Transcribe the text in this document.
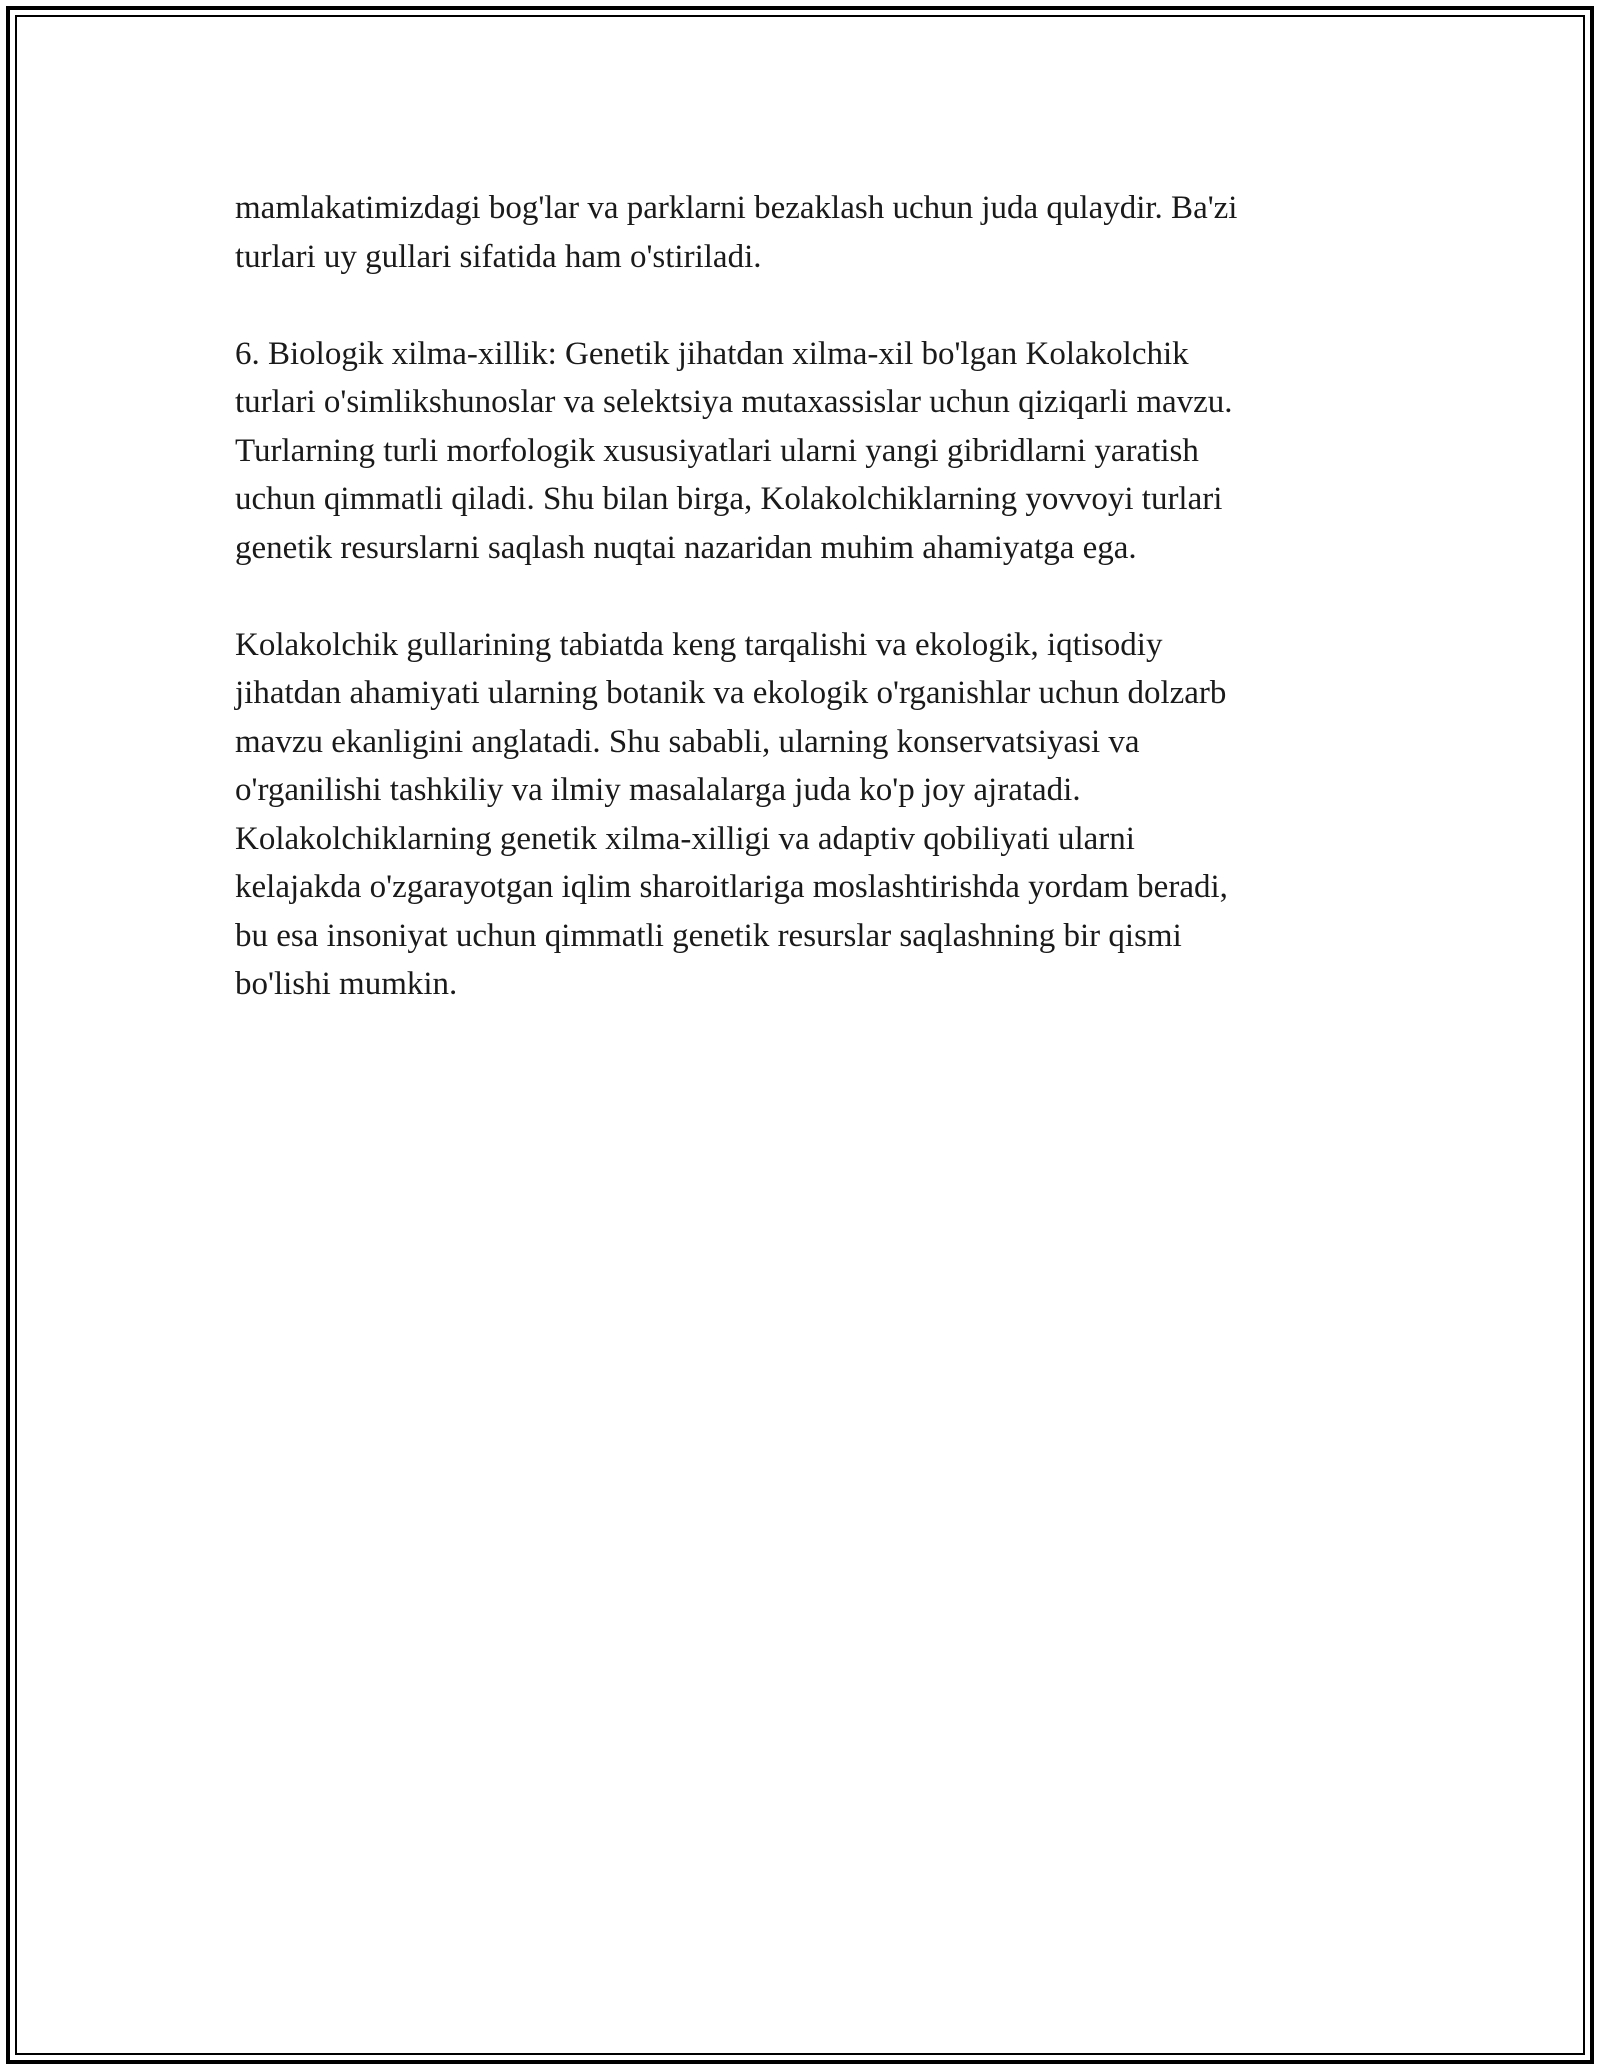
mamlakatimizdagi bog'lar va parklarni bezaklash uchun juda qulaydir. Ba'zi
turlari uy gullari sifatida ham o'stiriladi.

6. Biologik xilma-xillik: Genetik jihatdan xilma-xil bo'lgan Kolakolchik
turlari o'simlikshunoslar va selektsiya mutaxassislar uchun qiziqarli mavzu.
Turlarning turli morfologik xususiyatlari ularni yangi gibridlarni yaratish
uchun qimmatli qiladi. Shu bilan birga, Kolakolchiklarning yovvoyi turlari
genetik resurslarni saqlash nuqtai nazaridan muhim ahamiyatga ega.

Kolakolchik gullarining tabiatda keng tarqalishi va ekologik, iqtisodiy
jihatdan ahamiyati ularning botanik va ekologik o'rganishlar uchun dolzarb
mavzu ekanligini anglatadi. Shu sababli, ularning konservatsiyasi va
o'rganilishi tashkiliy va ilmiy masalalarga juda ko'p joy ajratadi.
Kolakolchiklarning genetik xilma-xilligi va adaptiv qobiliyati ularni
kelajakda o'zgarayotgan iqlim sharoitlariga moslashtirishda yordam beradi,
bu esa insoniyat uchun qimmatli genetik resurslar saqlashning bir qismi
bo'lishi mumkin.
